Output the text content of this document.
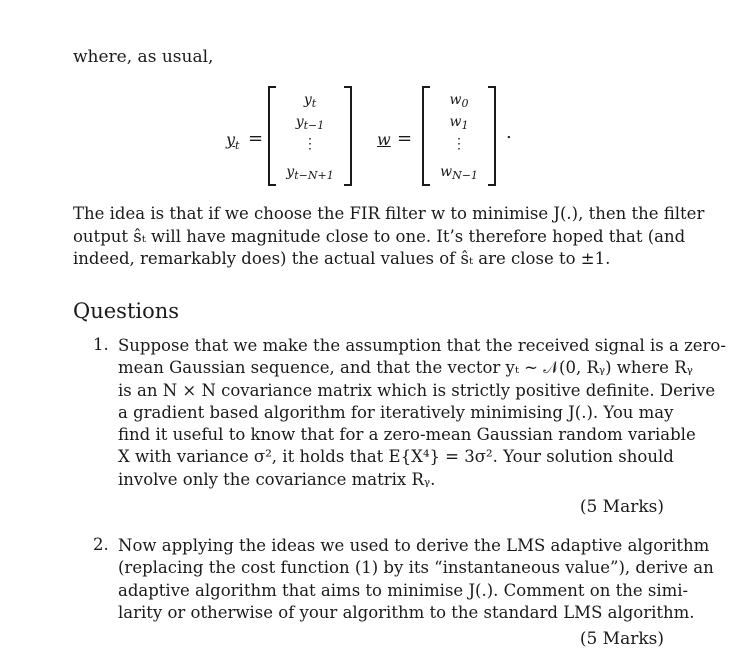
where, as usual,
$y_t$ =
$y_t$
$y_{t-1}$
⋮
$y_{t-N+1}$
w =
$w_0$
$w_1$
⋮
$w_{N-1}$
.
The idea is that if we choose the FIR filter w to minimise J(.), then the filter
output ŝₜ will have magnitude close to one. It’s therefore hoped that (and
indeed, remarkably does) the actual values of ŝₜ are close to ±1.
Questions
1. Suppose that we make the assumption that the received signal is a zero-
mean Gaussian sequence, and that the vector yₜ ~ 𝒩(0, Rᵧ) where Rᵧ
is an N × N covariance matrix which is strictly positive definite. Derive
a gradient based algorithm for iteratively minimising J(.). You may
find it useful to know that for a zero-mean Gaussian random variable
X with variance σ², it holds that E{X⁴} = 3σ². Your solution should
involve only the covariance matrix Rᵧ.
(5 Marks)
2. Now applying the ideas we used to derive the LMS adaptive algorithm
(replacing the cost function (1) by its “instantaneous value”), derive an
adaptive algorithm that aims to minimise J(.). Comment on the simi-
larity or otherwise of your algorithm to the standard LMS algorithm.
(5 Marks)
